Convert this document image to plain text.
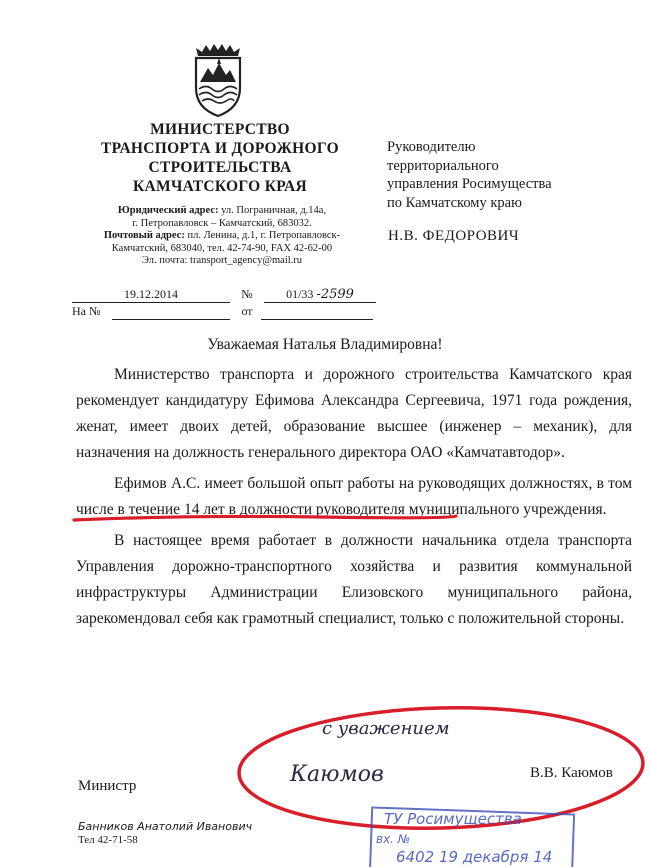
МИНИСТЕРСТВО
ТРАНСПОРТА И ДОРОЖНОГО
СТРОИТЕЛЬСТВА
КАМЧАТСКОГО КРАЯ
Юридический адрес: ул. Пограничная, д.14а,
г. Петропавловск – Камчатский, 683032.
Почтовый адрес: пл. Ленина, д.1, г. Петропавловск-
Камчатский, 683040, тел. 42-74-90, FAX 42-62-00
Эл. почта: transport_agency@mail.ru
Руководителю
территориального
управления Росимущества
по Камчатскому краю
Н.В. ФЕДОРОВИЧ
19.12.2014	№	01/33 -2599
На №	от
Уважаемая Наталья Владимировна!

Министерство транспорта и дорожного строительства Камчатского края рекомендует кандидатуру Ефимова Александра Сергеевича, 1971 года рождения, женат, имеет двоих детей, образование высшее (инженер – механик), для назначения на должность генерального директора ОАО «Камчатавтодор».

Ефимов А.С. имеет большой опыт работы на руководящих должностях, в том числе в течение 14 лет в должности руководителя муниципального учреждения.

В настоящее время работает в должности начальника отдела транспорта Управления дорожно-транспортного хозяйства и развития коммунальной инфраструктуры Администрации Елизовского муниципального района, зарекомендовал себя как грамотный специалист, только с положительной стороны.

с уважением
Каюмов
Министр
В.В. Каюмов
Банников Анатолий Иванович
Тел 42-71-58
ТУ Росимущества
вх. №
6402 19 декабря 14
